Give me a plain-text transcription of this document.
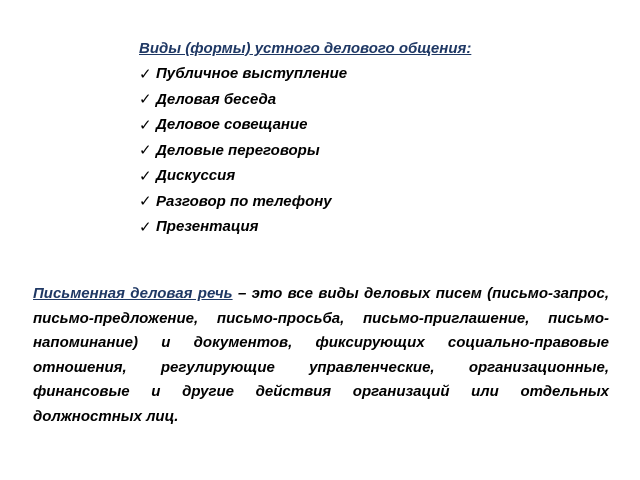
Виды (формы) устного делового общения:

✓ Публичное выступление
✓ Деловая беседа
✓ Деловое совещание
✓ Деловые переговоры
✓ Дискуссия
✓ Разговор по телефону
✓ Презентация
Письменная деловая речь – это все виды деловых писем (письмо-запрос, письмо-предложение, письмо-просьба, письмо-приглашение, письмо-напоминание) и документов, фиксирующих социально-правовые отношения, регулирующие управленческие, организационные, финансовые и другие действия организаций или отдельных должностных лиц.
